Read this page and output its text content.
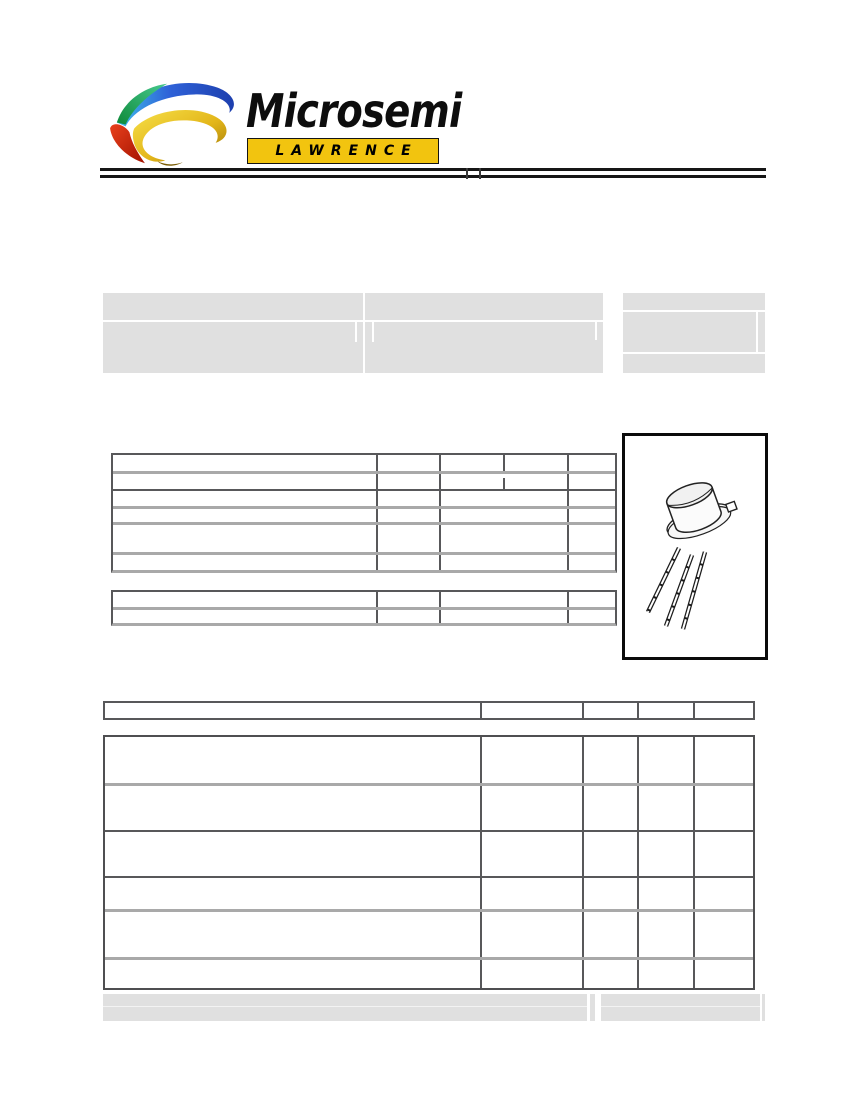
Microsemi
LAWRENCE
